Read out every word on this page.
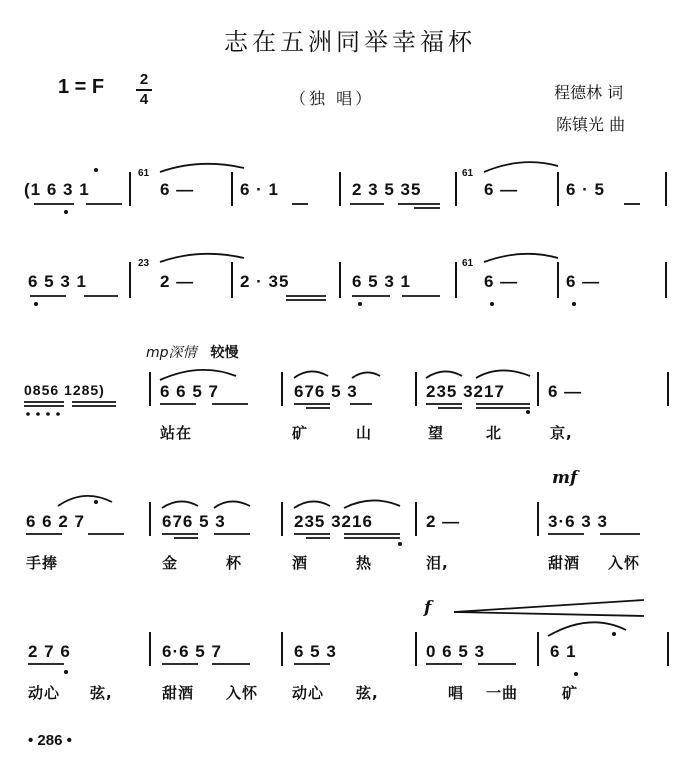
志在五洲同举幸福杯
1 = F 2
4	（独 唱）	程德林 词
陈镇光 曲
mp深情 较慢
mf
f
(1 6 3 1
61
6 —	6 · 1	2 3 5 35
61
6 —	6 · 5
6 5 3 1
23
2 —	2 · 35	6 5 3 1
61
6 —	6 —
0856 1285)	6 6 5 7	676 5 3	235 3217	6 —
站在	矿	山	望	北	京,
6 6 2 7	676 5 3	235 3216	2 —	3·6 3 3
手捧	金	杯	酒	热	泪,	甜酒 入怀
2 7 6	6·6 5 7	6 5 3	0 6 5 3	6 1
动心 弦,	甜酒 入怀 动心 弦,	唱 一曲	矿
• 286 •
